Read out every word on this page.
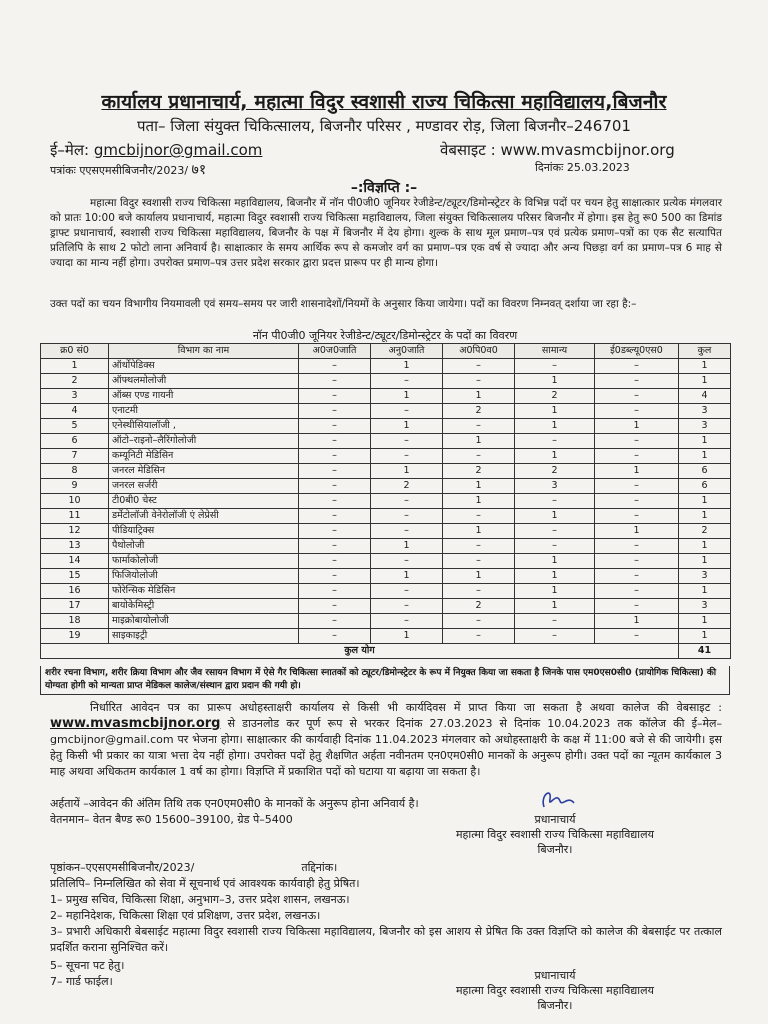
कार्यालय प्रधानाचार्य, महात्मा विदुर स्वशासी राज्य चिकित्सा महाविद्यालय,बिजनौर
पता– जिला संयुक्त चिकित्सालय, बिजनौर परिसर , मण्डावर रोड़, जिला बिजनौर–246701
ई–मेल: gmcbijnor@gmail.com	वेबसाइट : www.mvasmcbijnor.org
पत्रांकः एएसएमसीबिजनौर/2023/ ७१	दिनांकः 25.03.2023
–:विज्ञप्ति :–
महात्मा विदुर स्वशासी राज्य चिकित्सा महाविद्यालय, बिजनौर में नॉन पी0जी0 जूनियर रेजीडेन्ट/ट्यूटर/डिमोन्स्ट्रेटर के विभिन्न पदों पर चयन हेतु साक्षात्कार प्रत्येक मंगलवार को प्रातः 10:00 बजे कार्यालय प्रधानाचार्य, महात्मा विदुर स्वशासी राज्य चिकित्सा महाविद्यालय, जिला संयुक्त चिकित्सालय परिसर बिजनौर में होगा। इस हेतु रू0 500 का डिमांड ड्राफ्ट प्रधानाचार्य, स्वशासी राज्य चिकित्सा महाविद्यालय, बिजनौर के पक्ष में बिजनौर में देय होगा। शुल्क के साथ मूल प्रमाण–पत्र एवं प्रत्येक प्रमाण–पत्रों का एक सैट सत्यापित प्रतिलिपि के साथ 2 फोटो लाना अनिवार्य है। साक्षात्कार के समय आर्थिक रूप से कमजोर वर्ग का प्रमाण–पत्र एक वर्ष से ज्यादा और अन्य पिछड़ा वर्ग का प्रमाण–पत्र 6 माह से ज्यादा का मान्य नहीं होगा। उपरोक्त प्रमाण–पत्र उत्तर प्रदेश सरकार द्वारा प्रदत्त प्रारूप पर ही मान्य होगा।
उक्त पदों का चयन विभागीय नियमावली एवं समय–समय पर जारी शासनादेशों/नियमों के अनुसार किया जायेगा। पदों का विवरण निम्नवत् दर्शाया जा रहा है:–
नॉन पी0जी0 जूनियर रेजीडेन्ट/ट्यूटर/डिमोन्स्ट्रेटर के पदों का विवरण
क्र0 सं0	विभाग का नाम	अ0ज0जाति	अनु0जाति	अ0पि0व0	सामान्य	ई0डब्ल्यू0एस0	कुल
1	ऑर्थोपेडिक्स	–	1	–	–	–	1
2	ऑफ्थलमोलोजी	–	–	–	1	–	1
3	ऑब्स एण्ड गायनी	–	1	1	2	–	4
4	एनाटमी	–	–	2	1	–	3
5	एनेस्थीसियालॉजी ,	–	1	–	1	1	3
6	ऑटो–राइनो–लैरिंगोलोजी	–	–	1	–	–	1
7	कम्यूनिटी मेडिसिन	–	–	–	1	–	1
8	जनरल मेडिसिन	–	1	2	2	1	6
9	जनरल सर्जरी	–	2	1	3	–	6
10	टी0बी0 चेस्ट	–	–	1	–	–	1
11	डर्मेटोलॉजी वेनेरोलॉजी एं लेप्रेसी	–	–	–	1	–	1
12	पीडियाट्रिक्स	–	–	1	–	1	2
13	पैथोलोजी	–	1	–	–	–	1
14	फार्माकोलोजी	–	–	–	1	–	1
15	फिजियोलोजी	–	1	1	1	–	3
16	फोरेन्सिक मेडिसिन	–	–	–	1	–	1
17	बायोकेमिस्ट्री	–	–	2	1	–	3
18	माइक्रोबायोलोजी	–	–	–	–	1	1
19	साइकाइट्री	–	1	–	–	–	1
कुल योग							41
शरीर रचना विभाग, शरीर क्रिया विभाग और जैव रसायन विभाग में ऐसे गैर चिकित्सा स्नातकों को ट्यूटर/डिमोन्स्ट्रेटर के रूप में नियुक्त किया जा सकता है जिनके पास एम0एस0सी0 (प्रायोगिक चिकित्सा) की योग्यता होगी को मान्यता प्राप्त मेडिकल कालेज/संस्थान द्वारा प्रदान की गयी हो।
निर्धारित आवेदन पत्र का प्रारूप अधोहस्ताक्षरी कार्यालय से किसी भी कार्यदिवस में प्राप्त किया जा सकता है अथवा कालेज की वेबसाइट : www.mvasmcbijnor.org से डाउनलोड कर पूर्ण रूप से भरकर दिनांक 27.03.2023 से दिनांक 10.04.2023 तक कॉलेज की ई–मेल–gmcbijnor@gmail.com पर भेजना होगा। साक्षात्कार की कार्यवाही दिनांक 11.04.2023 मंगलवार को अधोहस्ताक्षरी के कक्ष में 11:00 बजे से की जायेगी। इस हेतु किसी भी प्रकार का यात्रा भत्ता देय नहीं होगा। उपरोक्त पदों हेतु शैक्षणित अर्हता नवीनतम एन0एम0सी0 मानकों के अनुरूप होगी। उक्त पदों का न्यूतम कार्यकाल 3 माह अथवा अधिकतम कार्यकाल 1 वर्ष का होगा। विज्ञप्ति में प्रकाशित पदों को घटाया या बढ़ाया जा सकता है।
अर्हतायें –आवेदन की अंतिम तिथि तक एन0एम0सी0 के मानकों के अनुरूप होना अनिवार्य है।
वेतनमान– वेतन बैण्ड रू0 15600–39100, ग्रेड पे–5400	प्रधानाचार्य
महात्मा विदुर स्वशासी राज्य चिकित्सा महाविद्यालय
बिजनौर।
पृष्ठांकन–एएसएमसीबिजनौर/2023/	तद्दिनांक।
प्रतिलिपि– निम्नलिखित को सेवा में सूचनार्थ एवं आवश्यक कार्यवाही हेतु प्रेषित।
1– प्रमुख सचिव, चिकित्सा शिक्षा, अनुभाग–3, उत्तर प्रदेश शासन, लखनऊ।
2– महानिदेशक, चिकित्सा शिक्षा एवं प्रशिक्षण, उत्तर प्रदेश, लखनऊ।
3– प्रभारी अधिकारी बेबसाईट महात्मा विदुर स्वशासी राज्य चिकित्सा महाविद्यालय, बिजनौर को इस आशय से प्रेषित कि उक्त विज्ञप्ति को कालेज की बेबसाईट पर तत्काल प्रदर्शित कराना सुनिश्चित करें।
5– सूचना पट हेतु।
7– गार्ड फाईल।	प्रधानाचार्य
महात्मा विदुर स्वशासी राज्य चिकित्सा महाविद्यालय
बिजनौर।
